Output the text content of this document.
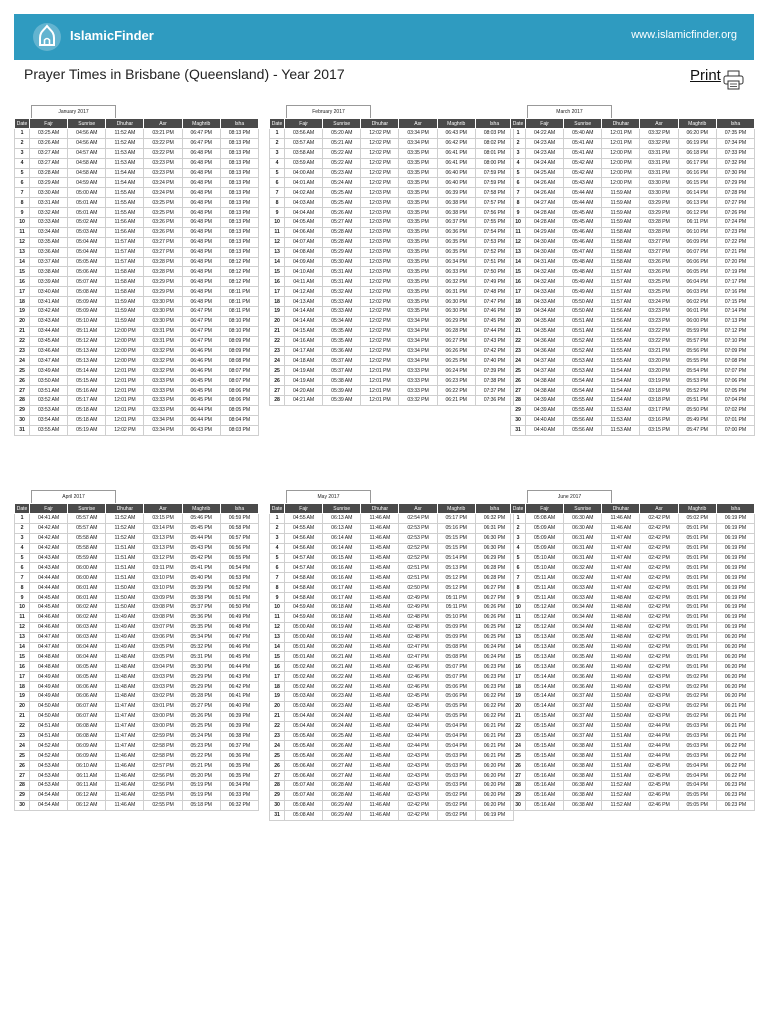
IslamicFinder	www.islamicfinder.org
Prayer Times in Brisbane (Queensland) - Year 2017	Print
January 2017
Date	Fajr	Sunrise	Dhuhar	Asr	Maghrib	Isha
1	03:25 AM	04:56 AM	11:52 AM	03:21 PM	06:47 PM	08:13 PM
2	03:26 AM	04:56 AM	11:52 AM	03:22 PM	06:47 PM	08:13 PM
3	03:27 AM	04:57 AM	11:53 AM	03:22 PM	06:48 PM	08:13 PM
4	03:27 AM	04:58 AM	11:53 AM	03:23 PM	06:48 PM	08:13 PM
5	03:28 AM	04:58 AM	11:54 AM	03:23 PM	06:48 PM	08:13 PM
6	03:29 AM	04:59 AM	11:54 AM	03:24 PM	06:48 PM	08:13 PM
7	03:30 AM	05:00 AM	11:55 AM	03:24 PM	06:48 PM	08:13 PM
8	03:31 AM	05:01 AM	11:55 AM	03:25 PM	06:48 PM	08:13 PM
9	03:32 AM	05:01 AM	11:55 AM	03:25 PM	06:48 PM	08:13 PM
10	03:33 AM	05:02 AM	11:56 AM	03:26 PM	06:48 PM	08:13 PM
11	03:34 AM	05:03 AM	11:56 AM	03:26 PM	06:48 PM	08:13 PM
12	03:35 AM	05:04 AM	11:57 AM	03:27 PM	06:48 PM	08:13 PM
13	03:36 AM	05:04 AM	11:57 AM	03:27 PM	06:48 PM	08:13 PM
14	03:37 AM	05:05 AM	11:57 AM	03:28 PM	06:48 PM	08:12 PM
15	03:38 AM	05:06 AM	11:58 AM	03:28 PM	06:48 PM	08:12 PM
16	03:39 AM	05:07 AM	11:58 AM	03:29 PM	06:48 PM	08:12 PM
17	03:40 AM	05:08 AM	11:58 AM	03:29 PM	06:48 PM	08:11 PM
18	03:41 AM	05:09 AM	11:59 AM	03:30 PM	06:48 PM	08:11 PM
19	03:42 AM	05:09 AM	11:59 AM	03:30 PM	06:47 PM	08:11 PM
20	03:43 AM	05:10 AM	11:59 AM	03:30 PM	06:47 PM	08:10 PM
21	03:44 AM	05:11 AM	12:00 PM	03:31 PM	06:47 PM	08:10 PM
22	03:45 AM	05:12 AM	12:00 PM	03:31 PM	06:47 PM	08:09 PM
23	03:46 AM	05:13 AM	12:00 PM	03:32 PM	06:46 PM	08:09 PM
24	03:47 AM	05:13 AM	12:00 PM	03:32 PM	06:46 PM	08:08 PM
25	03:49 AM	05:14 AM	12:01 PM	03:32 PM	06:46 PM	08:07 PM
26	03:50 AM	05:15 AM	12:01 PM	03:33 PM	06:45 PM	08:07 PM
27	03:51 AM	05:16 AM	12:01 PM	03:33 PM	06:45 PM	08:06 PM
28	03:52 AM	05:17 AM	12:01 PM	03:33 PM	06:45 PM	08:06 PM
29	03:53 AM	05:18 AM	12:01 PM	03:33 PM	06:44 PM	08:05 PM
30	03:54 AM	05:18 AM	12:01 PM	03:34 PM	06:44 PM	08:04 PM
31	03:55 AM	05:19 AM	12:02 PM	03:34 PM	06:43 PM	08:03 PM
February 2017
Date	Fajr	Sunrise	Dhuhar	Asr	Maghrib	Isha
1	03:56 AM	05:20 AM	12:02 PM	03:34 PM	06:43 PM	08:03 PM
2	03:57 AM	05:21 AM	12:02 PM	03:34 PM	06:42 PM	08:02 PM
3	03:58 AM	05:22 AM	12:02 PM	03:35 PM	06:41 PM	08:01 PM
4	03:59 AM	05:22 AM	12:02 PM	03:35 PM	06:41 PM	08:00 PM
5	04:00 AM	05:23 AM	12:02 PM	03:35 PM	06:40 PM	07:59 PM
6	04:01 AM	05:24 AM	12:02 PM	03:35 PM	06:40 PM	07:59 PM
7	04:02 AM	05:25 AM	12:03 PM	03:35 PM	06:39 PM	07:58 PM
8	04:03 AM	05:25 AM	12:03 PM	03:35 PM	06:38 PM	07:57 PM
9	04:04 AM	05:26 AM	12:03 PM	03:35 PM	06:38 PM	07:56 PM
10	04:05 AM	05:27 AM	12:03 PM	03:35 PM	06:37 PM	07:55 PM
11	04:06 AM	05:28 AM	12:03 PM	03:35 PM	06:36 PM	07:54 PM
12	04:07 AM	05:28 AM	12:03 PM	03:35 PM	06:35 PM	07:53 PM
13	04:08 AM	05:29 AM	12:03 PM	03:35 PM	06:35 PM	07:52 PM
14	04:09 AM	05:30 AM	12:03 PM	03:35 PM	06:34 PM	07:51 PM
15	04:10 AM	05:31 AM	12:03 PM	03:35 PM	06:33 PM	07:50 PM
16	04:11 AM	05:31 AM	12:02 PM	03:35 PM	06:32 PM	07:49 PM
17	04:12 AM	05:32 AM	12:02 PM	03:35 PM	06:31 PM	07:48 PM
18	04:13 AM	05:33 AM	12:02 PM	03:35 PM	06:30 PM	07:47 PM
19	04:14 AM	05:33 AM	12:02 PM	03:35 PM	06:30 PM	07:46 PM
20	04:14 AM	05:34 AM	12:02 PM	03:34 PM	06:29 PM	07:45 PM
21	04:15 AM	05:35 AM	12:02 PM	03:34 PM	06:28 PM	07:44 PM
22	04:16 AM	05:35 AM	12:02 PM	03:34 PM	06:27 PM	07:43 PM
23	04:17 AM	05:36 AM	12:02 PM	03:34 PM	06:26 PM	07:42 PM
24	04:18 AM	05:37 AM	12:02 PM	03:34 PM	06:25 PM	07:40 PM
25	04:19 AM	05:37 AM	12:01 PM	03:33 PM	06:24 PM	07:39 PM
26	04:19 AM	05:38 AM	12:01 PM	03:33 PM	06:23 PM	07:38 PM
27	04:20 AM	05:39 AM	12:01 PM	03:33 PM	06:22 PM	07:37 PM
28	04:21 AM	05:39 AM	12:01 PM	03:32 PM	06:21 PM	07:36 PM
March 2017
Date	Fajr	Sunrise	Dhuhar	Asr	Maghrib	Isha
1	04:22 AM	05:40 AM	12:01 PM	03:32 PM	06:20 PM	07:35 PM
2	04:23 AM	05:41 AM	12:01 PM	03:32 PM	06:19 PM	07:34 PM
3	04:23 AM	05:41 AM	12:00 PM	03:31 PM	06:18 PM	07:33 PM
4	04:24 AM	05:42 AM	12:00 PM	03:31 PM	06:17 PM	07:32 PM
5	04:25 AM	05:42 AM	12:00 PM	03:31 PM	06:16 PM	07:30 PM
6	04:26 AM	05:43 AM	12:00 PM	03:30 PM	06:15 PM	07:29 PM
7	04:26 AM	05:44 AM	11:59 AM	03:30 PM	06:14 PM	07:28 PM
8	04:27 AM	05:44 AM	11:59 AM	03:29 PM	06:13 PM	07:27 PM
9	04:28 AM	05:45 AM	11:59 AM	03:29 PM	06:12 PM	07:26 PM
10	04:28 AM	05:45 AM	11:59 AM	03:28 PM	06:11 PM	07:24 PM
11	04:29 AM	05:46 AM	11:58 AM	03:28 PM	06:10 PM	07:23 PM
12	04:30 AM	05:46 AM	11:58 AM	03:27 PM	06:09 PM	07:22 PM
13	04:30 AM	05:47 AM	11:58 AM	03:27 PM	06:07 PM	07:21 PM
14	04:31 AM	05:48 AM	11:58 AM	03:26 PM	06:06 PM	07:20 PM
15	04:32 AM	05:48 AM	11:57 AM	03:26 PM	06:05 PM	07:19 PM
16	04:32 AM	05:49 AM	11:57 AM	03:25 PM	06:04 PM	07:17 PM
17	04:33 AM	05:49 AM	11:57 AM	03:25 PM	06:03 PM	07:16 PM
18	04:33 AM	05:50 AM	11:57 AM	03:24 PM	06:02 PM	07:15 PM
19	04:34 AM	05:50 AM	11:56 AM	03:23 PM	06:01 PM	07:14 PM
20	04:35 AM	05:51 AM	11:56 AM	03:23 PM	06:00 PM	07:13 PM
21	04:35 AM	05:51 AM	11:56 AM	03:22 PM	05:59 PM	07:12 PM
22	04:36 AM	05:52 AM	11:55 AM	03:22 PM	05:57 PM	07:10 PM
23	04:36 AM	05:52 AM	11:55 AM	03:21 PM	05:56 PM	07:09 PM
24	04:37 AM	05:53 AM	11:55 AM	03:20 PM	05:55 PM	07:08 PM
25	04:37 AM	05:53 AM	11:54 AM	03:20 PM	05:54 PM	07:07 PM
26	04:38 AM	05:54 AM	11:54 AM	03:19 PM	05:53 PM	07:06 PM
27	04:38 AM	05:54 AM	11:54 AM	03:18 PM	05:52 PM	07:05 PM
28	04:39 AM	05:55 AM	11:54 AM	03:18 PM	05:51 PM	07:04 PM
29	04:39 AM	05:55 AM	11:53 AM	03:17 PM	05:50 PM	07:02 PM
30	04:40 AM	05:56 AM	11:53 AM	03:16 PM	05:49 PM	07:01 PM
31	04:40 AM	05:56 AM	11:53 AM	03:15 PM	05:47 PM	07:00 PM
April 2017
Date	Fajr	Sunrise	Dhuhar	Asr	Maghrib	Isha
1	04:41 AM	05:57 AM	11:52 AM	03:15 PM	05:46 PM	06:59 PM
2	04:42 AM	05:57 AM	11:52 AM	03:14 PM	05:45 PM	06:58 PM
3	04:42 AM	05:58 AM	11:52 AM	03:13 PM	05:44 PM	06:57 PM
4	04:42 AM	05:58 AM	11:51 AM	03:13 PM	05:43 PM	06:56 PM
5	04:43 AM	05:59 AM	11:51 AM	03:12 PM	05:42 PM	06:55 PM
6	04:43 AM	06:00 AM	11:51 AM	03:11 PM	05:41 PM	06:54 PM
7	04:44 AM	06:00 AM	11:51 AM	03:10 PM	05:40 PM	06:53 PM
8	04:44 AM	06:01 AM	11:50 AM	03:10 PM	05:39 PM	06:52 PM
9	04:45 AM	06:01 AM	11:50 AM	03:09 PM	05:38 PM	06:51 PM
10	04:45 AM	06:02 AM	11:50 AM	03:08 PM	05:37 PM	06:50 PM
11	04:46 AM	06:02 AM	11:49 AM	03:08 PM	05:36 PM	06:49 PM
12	04:46 AM	06:03 AM	11:49 AM	03:07 PM	05:35 PM	06:48 PM
13	04:47 AM	06:03 AM	11:49 AM	03:06 PM	05:34 PM	06:47 PM
14	04:47 AM	06:04 AM	11:49 AM	03:05 PM	05:32 PM	06:46 PM
15	04:48 AM	06:04 AM	11:48 AM	03:05 PM	05:31 PM	06:45 PM
16	04:48 AM	06:05 AM	11:48 AM	03:04 PM	05:30 PM	06:44 PM
17	04:49 AM	06:05 AM	11:48 AM	03:03 PM	05:29 PM	06:43 PM
18	04:49 AM	06:06 AM	11:48 AM	03:03 PM	05:29 PM	06:42 PM
19	04:49 AM	06:06 AM	11:48 AM	03:02 PM	05:28 PM	06:41 PM
20	04:50 AM	06:07 AM	11:47 AM	03:01 PM	05:27 PM	06:40 PM
21	04:50 AM	06:07 AM	11:47 AM	03:00 PM	05:26 PM	06:39 PM
22	04:51 AM	06:08 AM	11:47 AM	03:00 PM	05:25 PM	06:39 PM
23	04:51 AM	06:08 AM	11:47 AM	02:59 PM	05:24 PM	06:38 PM
24	04:52 AM	06:09 AM	11:47 AM	02:58 PM	05:23 PM	06:37 PM
25	04:52 AM	06:09 AM	11:46 AM	02:58 PM	05:22 PM	06:36 PM
26	04:53 AM	06:10 AM	11:46 AM	02:57 PM	05:21 PM	06:35 PM
27	04:53 AM	06:11 AM	11:46 AM	02:56 PM	05:20 PM	06:35 PM
28	04:53 AM	06:11 AM	11:46 AM	02:56 PM	05:19 PM	06:34 PM
29	04:54 AM	06:12 AM	11:46 AM	02:55 PM	05:19 PM	06:33 PM
30	04:54 AM	06:12 AM	11:46 AM	02:55 PM	05:18 PM	06:32 PM
May 2017
Date	Fajr	Sunrise	Dhuhar	Asr	Maghrib	Isha
1	04:55 AM	06:13 AM	11:46 AM	02:54 PM	05:17 PM	06:32 PM
2	04:55 AM	06:13 AM	11:46 AM	02:53 PM	05:16 PM	06:31 PM
3	04:56 AM	06:14 AM	11:46 AM	02:53 PM	05:15 PM	06:30 PM
4	04:56 AM	06:14 AM	11:45 AM	02:52 PM	05:15 PM	06:30 PM
5	04:57 AM	06:15 AM	11:45 AM	02:52 PM	05:14 PM	06:29 PM
6	04:57 AM	06:16 AM	11:45 AM	02:51 PM	05:13 PM	06:28 PM
7	04:58 AM	06:16 AM	11:45 AM	02:51 PM	05:12 PM	06:28 PM
8	04:58 AM	06:17 AM	11:45 AM	02:50 PM	05:12 PM	06:27 PM
9	04:58 AM	06:17 AM	11:45 AM	02:49 PM	05:11 PM	06:27 PM
10	04:59 AM	06:18 AM	11:45 AM	02:49 PM	05:11 PM	06:26 PM
11	04:59 AM	06:18 AM	11:45 AM	02:48 PM	05:10 PM	06:26 PM
12	05:00 AM	06:19 AM	11:45 AM	02:48 PM	05:09 PM	06:25 PM
13	05:00 AM	06:19 AM	11:45 AM	02:48 PM	05:09 PM	06:25 PM
14	05:01 AM	06:20 AM	11:45 AM	02:47 PM	05:08 PM	06:24 PM
15	05:01 AM	06:21 AM	11:45 AM	02:47 PM	05:08 PM	06:24 PM
16	05:02 AM	06:21 AM	11:45 AM	02:46 PM	05:07 PM	06:23 PM
17	05:02 AM	06:22 AM	11:45 AM	02:46 PM	05:07 PM	06:23 PM
18	05:02 AM	06:22 AM	11:45 AM	02:46 PM	05:06 PM	06:23 PM
19	05:03 AM	06:23 AM	11:45 AM	02:45 PM	05:06 PM	06:22 PM
20	05:03 AM	06:23 AM	11:45 AM	02:45 PM	05:05 PM	06:22 PM
21	05:04 AM	06:24 AM	11:45 AM	02:44 PM	05:05 PM	06:22 PM
22	05:04 AM	06:24 AM	11:45 AM	02:44 PM	05:04 PM	06:21 PM
23	05:05 AM	06:25 AM	11:45 AM	02:44 PM	05:04 PM	06:21 PM
24	05:05 AM	06:26 AM	11:45 AM	02:44 PM	05:04 PM	06:21 PM
25	05:05 AM	06:26 AM	11:45 AM	02:43 PM	05:03 PM	06:21 PM
26	05:06 AM	06:27 AM	11:45 AM	02:43 PM	05:03 PM	06:20 PM
27	05:06 AM	06:27 AM	11:46 AM	02:43 PM	05:03 PM	06:20 PM
28	05:07 AM	06:28 AM	11:46 AM	02:43 PM	05:03 PM	06:20 PM
29	05:07 AM	06:28 AM	11:46 AM	02:43 PM	05:02 PM	06:20 PM
30	05:08 AM	06:29 AM	11:46 AM	02:42 PM	05:02 PM	06:20 PM
31	05:08 AM	06:29 AM	11:46 AM	02:42 PM	05:02 PM	06:19 PM
June 2017
Date	Fajr	Sunrise	Dhuhar	Asr	Maghrib	Isha
1	05:08 AM	06:30 AM	11:46 AM	02:42 PM	05:02 PM	06:19 PM
2	05:09 AM	06:30 AM	11:46 AM	02:42 PM	05:01 PM	06:19 PM
3	05:09 AM	06:31 AM	11:47 AM	02:42 PM	05:01 PM	06:19 PM
4	05:09 AM	06:31 AM	11:47 AM	02:42 PM	05:01 PM	06:19 PM
5	05:10 AM	06:31 AM	11:47 AM	02:42 PM	05:01 PM	06:19 PM
6	05:10 AM	06:32 AM	11:47 AM	02:42 PM	05:01 PM	06:19 PM
7	05:11 AM	06:32 AM	11:47 AM	02:42 PM	05:01 PM	06:19 PM
8	05:11 AM	06:33 AM	11:47 AM	02:42 PM	05:01 PM	06:19 PM
9	05:11 AM	06:33 AM	11:48 AM	02:42 PM	05:01 PM	06:19 PM
10	05:12 AM	06:34 AM	11:48 AM	02:42 PM	05:01 PM	06:19 PM
11	05:12 AM	06:34 AM	11:48 AM	02:42 PM	05:01 PM	06:19 PM
12	05:12 AM	06:34 AM	11:48 AM	02:42 PM	05:01 PM	06:19 PM
13	05:13 AM	06:35 AM	11:48 AM	02:42 PM	05:01 PM	06:20 PM
14	05:13 AM	06:35 AM	11:49 AM	02:42 PM	05:01 PM	06:20 PM
15	05:13 AM	06:35 AM	11:49 AM	02:42 PM	05:01 PM	06:20 PM
16	05:13 AM	06:36 AM	11:49 AM	02:42 PM	05:01 PM	06:20 PM
17	05:14 AM	06:36 AM	11:49 AM	02:43 PM	05:02 PM	06:20 PM
18	05:14 AM	06:36 AM	11:49 AM	02:43 PM	05:02 PM	06:20 PM
19	05:14 AM	06:37 AM	11:50 AM	02:43 PM	05:02 PM	06:20 PM
20	05:14 AM	06:37 AM	11:50 AM	02:43 PM	05:02 PM	06:21 PM
21	05:15 AM	06:37 AM	11:50 AM	02:43 PM	05:02 PM	06:21 PM
22	05:15 AM	06:37 AM	11:50 AM	02:44 PM	05:03 PM	06:21 PM
23	05:15 AM	06:37 AM	11:51 AM	02:44 PM	05:03 PM	06:21 PM
24	05:15 AM	06:38 AM	11:51 AM	02:44 PM	05:03 PM	06:22 PM
25	05:15 AM	06:38 AM	11:51 AM	02:44 PM	05:03 PM	06:22 PM
26	05:16 AM	06:38 AM	11:51 AM	02:45 PM	05:04 PM	06:22 PM
27	05:16 AM	06:38 AM	11:51 AM	02:45 PM	05:04 PM	06:22 PM
28	05:16 AM	06:38 AM	11:52 AM	02:45 PM	05:04 PM	06:23 PM
29	05:16 AM	06:38 AM	11:52 AM	02:46 PM	05:05 PM	06:23 PM
30	05:16 AM	06:38 AM	11:52 AM	02:46 PM	05:05 PM	06:23 PM
